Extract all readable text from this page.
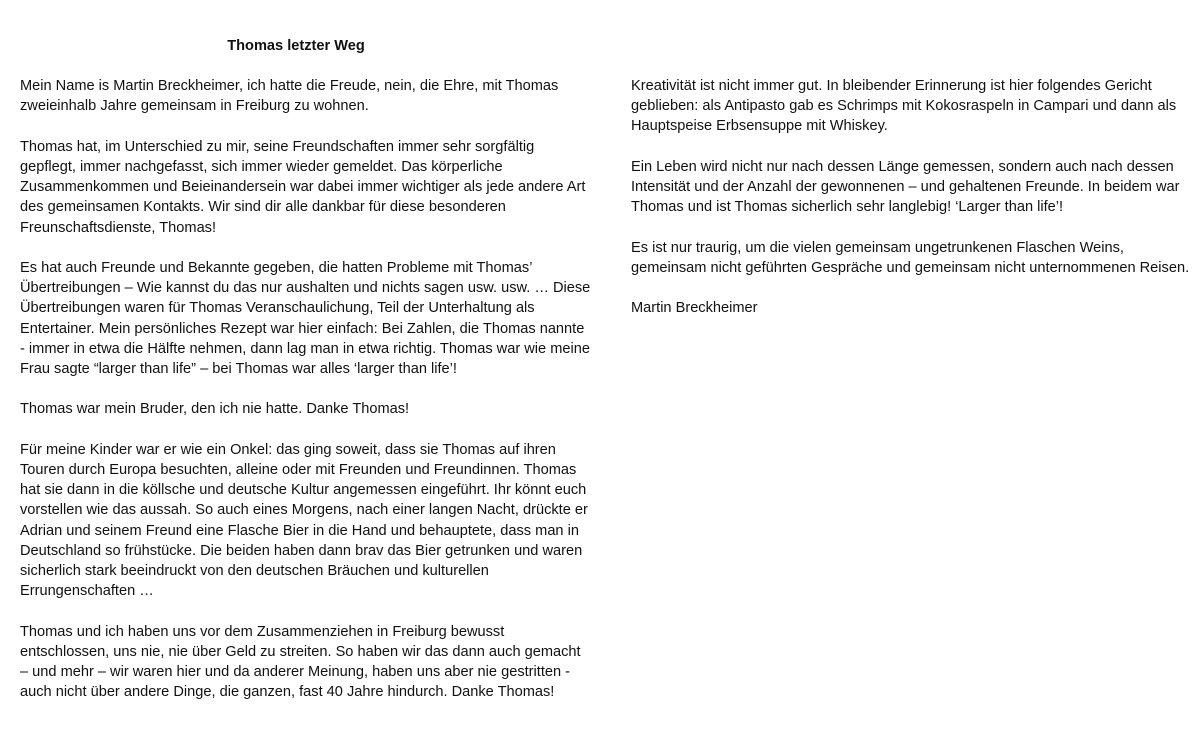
Thomas letzter Weg

Mein Name is Martin Breckheimer, ich hatte die Freude, nein, die Ehre, mit Thomas zweieinhalb Jahre gemeinsam in Freiburg zu wohnen.

Thomas hat, im Unterschied zu mir, seine Freundschaften immer sehr sorgfältig gepflegt, immer nachgefasst, sich immer wieder gemeldet. Das körperliche Zusammenkommen und Beieinandersein war dabei immer wichtiger als jede andere Art des gemeinsamen Kontakts. Wir sind dir alle dankbar für diese besonderen Freunschaftsdienste, Thomas!

Es hat auch Freunde und Bekannte gegeben, die hatten Probleme mit Thomas’ Übertreibungen – Wie kannst du das nur aushalten und nichts sagen usw. usw. … Diese Übertreibungen waren für Thomas Veranschaulichung, Teil der Unterhaltung als Entertainer. Mein persönliches Rezept war hier einfach: Bei Zahlen, die Thomas nannte - immer in etwa die Hälfte nehmen, dann lag man in etwa richtig. Thomas war wie meine Frau sagte “larger than life” – bei Thomas war alles ‘larger than life’!

Thomas war mein Bruder, den ich nie hatte. Danke Thomas!

Für meine Kinder war er wie ein Onkel: das ging soweit, dass sie Thomas auf ihren Touren durch Europa besuchten, alleine oder mit Freunden und Freundinnen. Thomas hat sie dann in die köllsche und deutsche Kultur angemessen eingeführt. Ihr könnt euch vorstellen wie das aussah. So auch eines Morgens, nach einer langen Nacht, drückte er Adrian und seinem Freund eine Flasche Bier in die Hand und behauptete, dass man in Deutschland so frühstücke. Die beiden haben dann brav das Bier getrunken und waren sicherlich stark beeindruckt von den deutschen Bräuchen und kulturellen Errungenschaften …

Thomas und ich haben uns vor dem Zusammenziehen in Freiburg bewusst entschlossen, uns nie, nie über Geld zu streiten. So haben wir das dann auch gemacht – und mehr – wir waren hier und da anderer Meinung, haben uns aber nie gestritten - auch nicht über andere Dinge, die ganzen, fast 40 Jahre hindurch. Danke Thomas!

Kreativität ist nicht immer gut. In bleibender Erinnerung ist hier folgendes Gericht geblieben: als Antipasto gab es Schrimps mit Kokosraspeln in Campari und dann als Hauptspeise Erbsensuppe mit Whiskey.

Ein Leben wird nicht nur nach dessen Länge gemessen, sondern auch nach dessen Intensität und der Anzahl der gewonnenen – und gehaltenen Freunde. In beidem war Thomas und ist Thomas sicherlich sehr langlebig! ‘Larger than life’!

Es ist nur traurig, um die vielen gemeinsam ungetrunkenen Flaschen Weins, gemeinsam nicht geführten Gespräche und gemeinsam nicht unternommenen Reisen.

Martin Breckheimer
